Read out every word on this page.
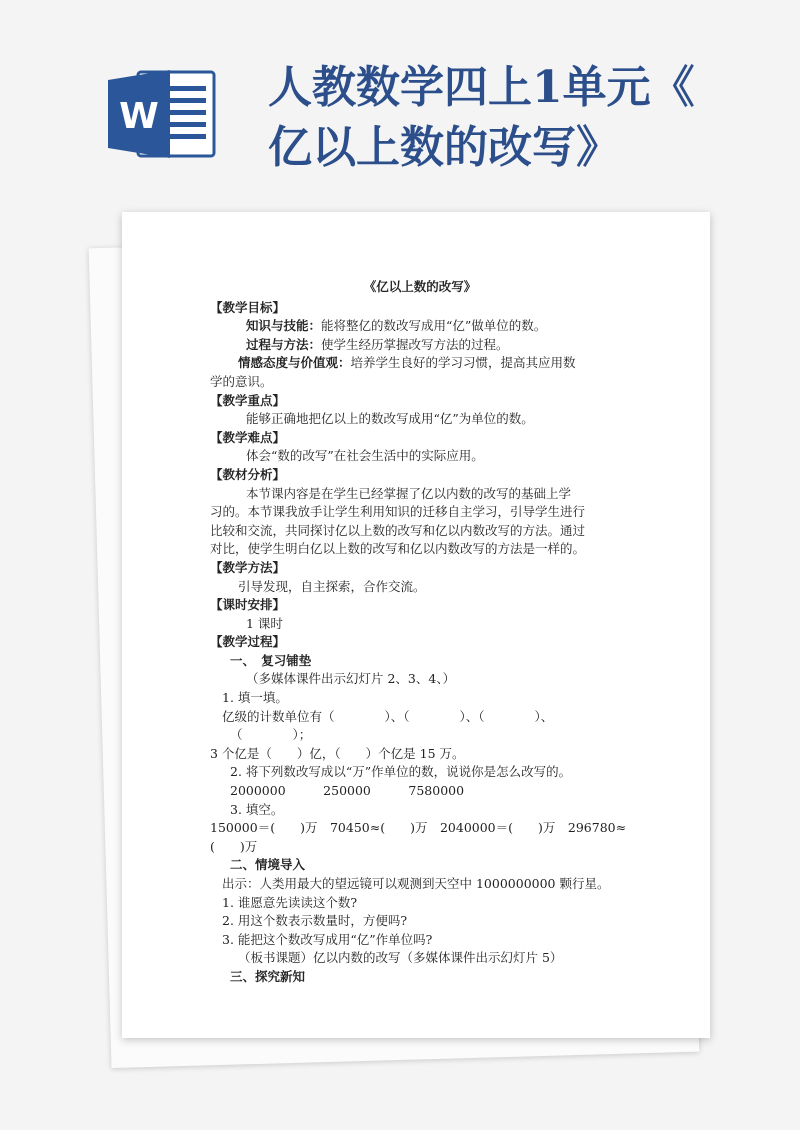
W
人教数学四上1单元《
亿以上数的改写》
《亿以上数的改写》
【教学目标】
知识与技能：能将整亿的数改写成用“亿”做单位的数。
过程与方法：使学生经历掌握改写方法的过程。
情感态度与价值观：培养学生良好的学习习惯，提高其应用数
学的意识。
【教学重点】
能够正确地把亿以上的数改写成用“亿”为单位的数。
【教学难点】
体会“数的改写”在社会生活中的实际应用。
【教材分析】
本节课内容是在学生已经掌握了亿以内数的改写的基础上学
习的。本节课我放手让学生利用知识的迁移自主学习，引导学生进行
比较和交流，共同探讨亿以上数的改写和亿以内数改写的方法。通过
对比，使学生明白亿以上数的改写和亿以内数改写的方法是一样的。
【教学方法】
引导发现，自主探索，合作交流。
【课时安排】
1 课时
【教学过程】
一、　复习铺垫
（多媒体课件出示幻灯片 2、3、4、）
1. 填一填。
亿级的计数单位有（　　　　）、（　　　　）、（　　　　）、
（　　　　）；
3 个亿是（　　）亿，（　　）个亿是 15 万。
2. 将下列数改写成以“万”作单位的数，说说你是怎么改写的。
2000000　　　250000　　　7580000
3. 填空。
150000＝(　　)万　70450≈(　　)万　2040000＝(　　)万　296780≈
(　　)万
二、情境导入
出示：人类用最大的望远镜可以观测到天空中 1000000000 颗行星。
1. 谁愿意先读读这个数?
2. 用这个数表示数量时，方便吗?
3. 能把这个数改写成用“亿”作单位吗?
（板书课题）亿以内数的改写（多媒体课件出示幻灯片 5）
三、探究新知
